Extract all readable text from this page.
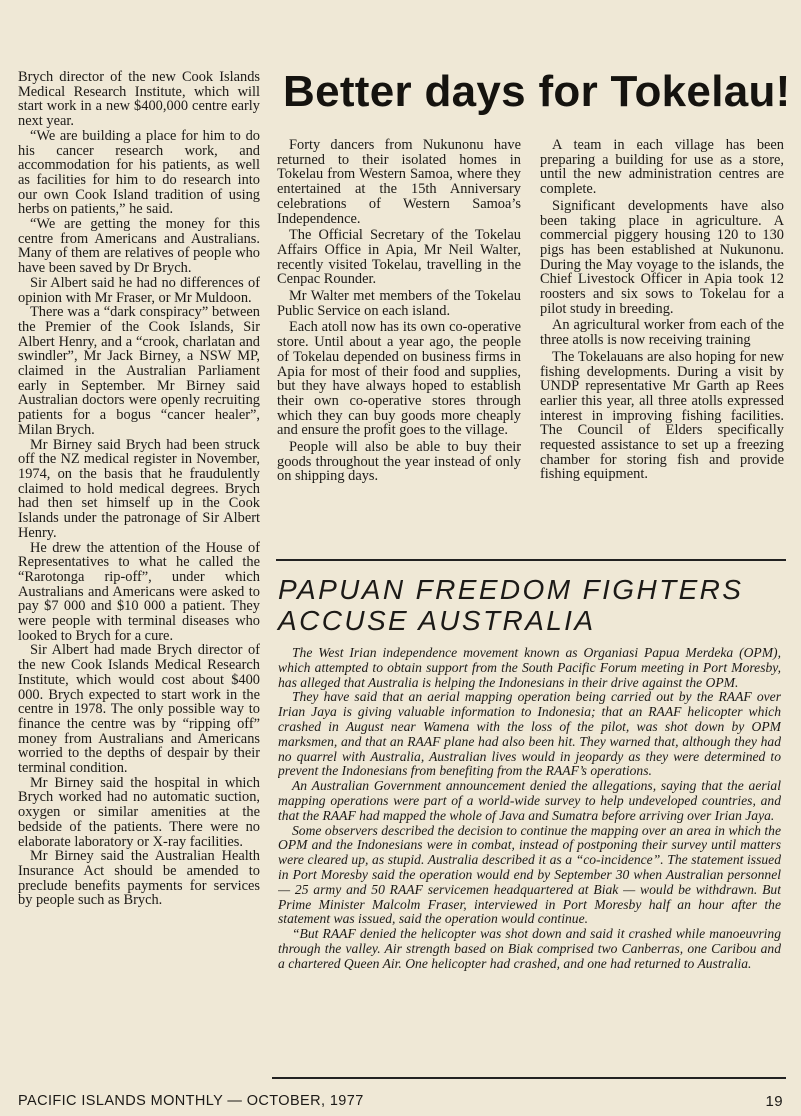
Brych director of the new Cook Islands Medical Research Institute, which will start work in a new $400,000 centre early next year.

“We are building a place for him to do his cancer research work, and accommodation for his patients, as well as facilities for him to do research into our own Cook Island tradition of using herbs on patients,” he said.

“We are getting the money for this centre from Americans and Australians. Many of them are relatives of people who have been saved by Dr Brych.

Sir Albert said he had no differences of opinion with Mr Fraser, or Mr Muldoon.

There was a “dark conspiracy” between the Premier of the Cook Islands, Sir Albert Henry, and a “crook, charlatan and swindler”, Mr Jack Birney, a NSW MP, claimed in the Australian Parliament early in September. Mr Birney said Australian doctors were openly recruiting patients for a bogus “cancer healer”, Milan Brych.

Mr Birney said Brych had been struck off the NZ medical register in November, 1974, on the basis that he fraudulently claimed to hold medical degrees. Brych had then set himself up in the Cook Islands under the patronage of Sir Albert Henry.

He drew the attention of the House of Representatives to what he called the “Rarotonga rip-off”, under which Australians and Americans were asked to pay $7 000 and $10 000 a patient. They were people with terminal diseases who looked to Brych for a cure.

Sir Albert had made Brych director of the new Cook Islands Medical Research Institute, which would cost about $400 000. Brych expected to start work in the centre in 1978. The only possible way to finance the centre was by “ripping off” money from Australians and Americans worried to the depths of despair by their terminal condition.

Mr Birney said the hospital in which Brych worked had no automatic suction, oxygen or similar amenities at the bedside of the patients. There were no elaborate laboratory or X-ray facilities.

Mr Birney said the Australian Health Insurance Act should be amended to preclude benefits payments for services by people such as Brych.

Better days for Tokelau!

Forty dancers from Nukunonu have returned to their isolated homes in Tokelau from Western Samoa, where they entertained at the 15th Anniversary celebrations of Western Samoa’s Independence.

The Official Secretary of the Tokelau Affairs Office in Apia, Mr Neil Walter, recently visited Tokelau, travelling in the Cenpac Rounder.

Mr Walter met members of the Tokelau Public Service on each island.

Each atoll now has its own co-operative store. Until about a year ago, the people of Tokelau depended on business firms in Apia for most of their food and supplies, but they have always hoped to establish their own co-operative stores through which they can buy goods more cheaply and ensure the profit goes to the village.

People will also be able to buy their goods throughout the year instead of only on shipping days.

A team in each village has been preparing a building for use as a store, until the new administration centres are complete.

Significant developments have also been taking place in agriculture. A commercial piggery housing 120 to 130 pigs has been established at Nukunonu. During the May voyage to the islands, the Chief Livestock Officer in Apia took 12 roosters and six sows to Tokelau for a pilot study in breeding.

An agricultural worker from each of the three atolls is now receiving training

The Tokelauans are also hoping for new fishing developments. During a visit by UNDP representative Mr Garth ap Rees earlier this year, all three atolls expressed interest in improving fishing facilities. The Council of Elders specifically requested assistance to set up a freezing chamber for storing fish and provide fishing equipment.

PAPUAN FREEDOM FIGHTERS
ACCUSE AUSTRALIA

The West Irian independence movement known as Organiasi Papua Merdeka (OPM), which attempted to obtain support from the South Pacific Forum meeting in Port Moresby, has alleged that Australia is helping the Indonesians in their drive against the OPM.

They have said that an aerial mapping operation being carried out by the RAAF over Irian Jaya is giving valuable information to Indonesia; that an RAAF helicopter which crashed in August near Wamena with the loss of the pilot, was shot down by OPM marksmen, and that an RAAF plane had also been hit. They warned that, although they had no quarrel with Australia, Australian lives would in jeopardy as they were determined to prevent the Indonesians from benefiting from the RAAF’s operations.

An Australian Government announcement denied the allegations, saying that the aerial mapping operations were part of a world-wide survey to help undeveloped countries, and that the RAAF had mapped the whole of Java and Sumatra before arriving over Irian Jaya.

Some observers described the decision to continue the mapping over an area in which the OPM and the Indonesians were in combat, instead of postponing their survey until matters were cleared up, as stupid. Australia described it as a “co-incidence”. The statement issued in Port Moresby said the operation would end by September 30 when Australian personnel — 25 army and 50 RAAF servicemen headquartered at Biak — would be withdrawn. But Prime Minister Malcolm Fraser, interviewed in Port Moresby half an hour after the statement was issued, said the operation would continue.

“But RAAF denied the helicopter was shot down and said it crashed while manoeuvring through the valley. Air strength based on Biak comprised two Canberras, one Caribou and a chartered Queen Air. One helicopter had crashed, and one had returned to Australia.

PACIFIC ISLANDS MONTHLY — OCTOBER, 1977	19
